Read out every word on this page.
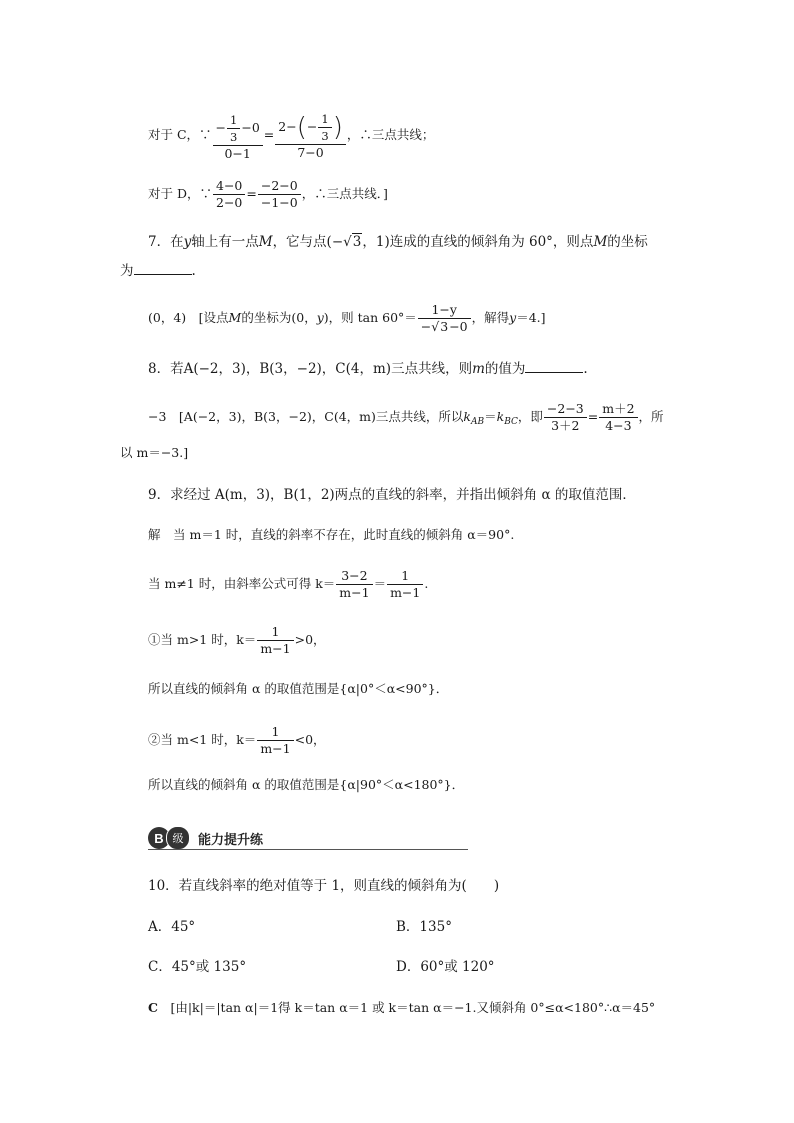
对于 C，∵ $\frac{- \frac{1}{3} -0}{0-1} = \frac{2-(- \frac{1}{3} )}{7-0}$ ，∴三点共线；
对于 D，∵ $\frac{4-0}{2-0} = \frac{-2-0}{-1-0}$ ，∴三点共线．]
7．在y轴上有一点M，它与点(−√3，1)连成的直线的倾斜角为 60°，则点M的坐标
为	.
(0，4)　[设点M的坐标为(0，y)，则 $\tan 60^\circ= \frac{1-y}{-√3-0}$ ，解得y＝4.]
8．若A(−2，3)，B(3，−2)，C(4，m)三点共线，则m的值为	.
−3　[A(−2，3)，B(3，−2)，C(4，m)三点共线，所以$k_{AB}=k_{BC}$，即 $\frac{-2-3}{3+2} = \frac{m+2}{4-3}$ ，所
以 m＝−3.]
9．求经过 A(m，3)，B(1，2)两点的直线的斜率，并指出倾斜角 α 的取值范围．
解　当 m＝1 时，直线的斜率不存在，此时直线的倾斜角 α＝90°.
当 m≠1 时，由斜率公式可得 $k= \frac{3-2}{m-1} = \frac{1}{m-1}$ .
①当 m>1 时，$k= \frac{1}{m-1} >0$，
所以直线的倾斜角 α 的取值范围是{α|0°＜α<90°}．
②当 m<1 时，$k= \frac{1}{m-1} <0$，
所以直线的倾斜角 α 的取值范围是{α|90°＜α<180°}．
B 级	能力提升练
10．若直线斜率的绝对值等于 1，则直线的倾斜角为(　　)
A．45°	B．135°
C．45°或 135°	D．60°或 120°
C　 [由|k|＝|tan α|＝1得 k＝tan α＝1 或 k＝tan α＝−1.又倾斜角 0°≤α<180°∴α＝45°
